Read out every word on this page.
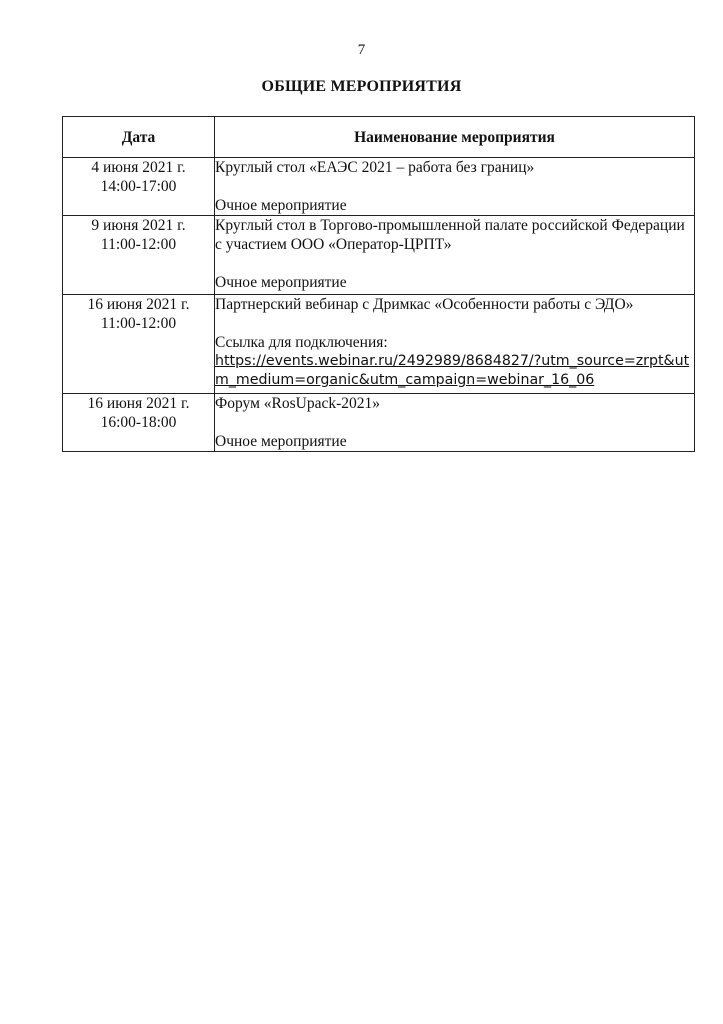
7
ОБЩИЕ МЕРОПРИЯТИЯ
Дата	Наименование мероприятия

4 июня 2021 г.
14:00-17:00	Круглый стол «ЕАЭС 2021 – работа без границ»
Очное мероприятие

9 июня 2021 г.
11:00-12:00	Круглый стол в Торгово-промышленной палате российской Федерации с участием ООО «Оператор-ЦРПТ»
Очное мероприятие

16 июня 2021 г.
11:00-12:00	Партнерский вебинар с Дримкас «Особенности работы с ЭДО»
Ссылка для подключения:
https://events.webinar.ru/2492989/8684827/?utm_source=zrpt&utm_medium=organic&utm_campaign=webinar_16_06

16 июня 2021 г.
16:00-18:00	Форум «RosUpack-2021»
Очное мероприятие
